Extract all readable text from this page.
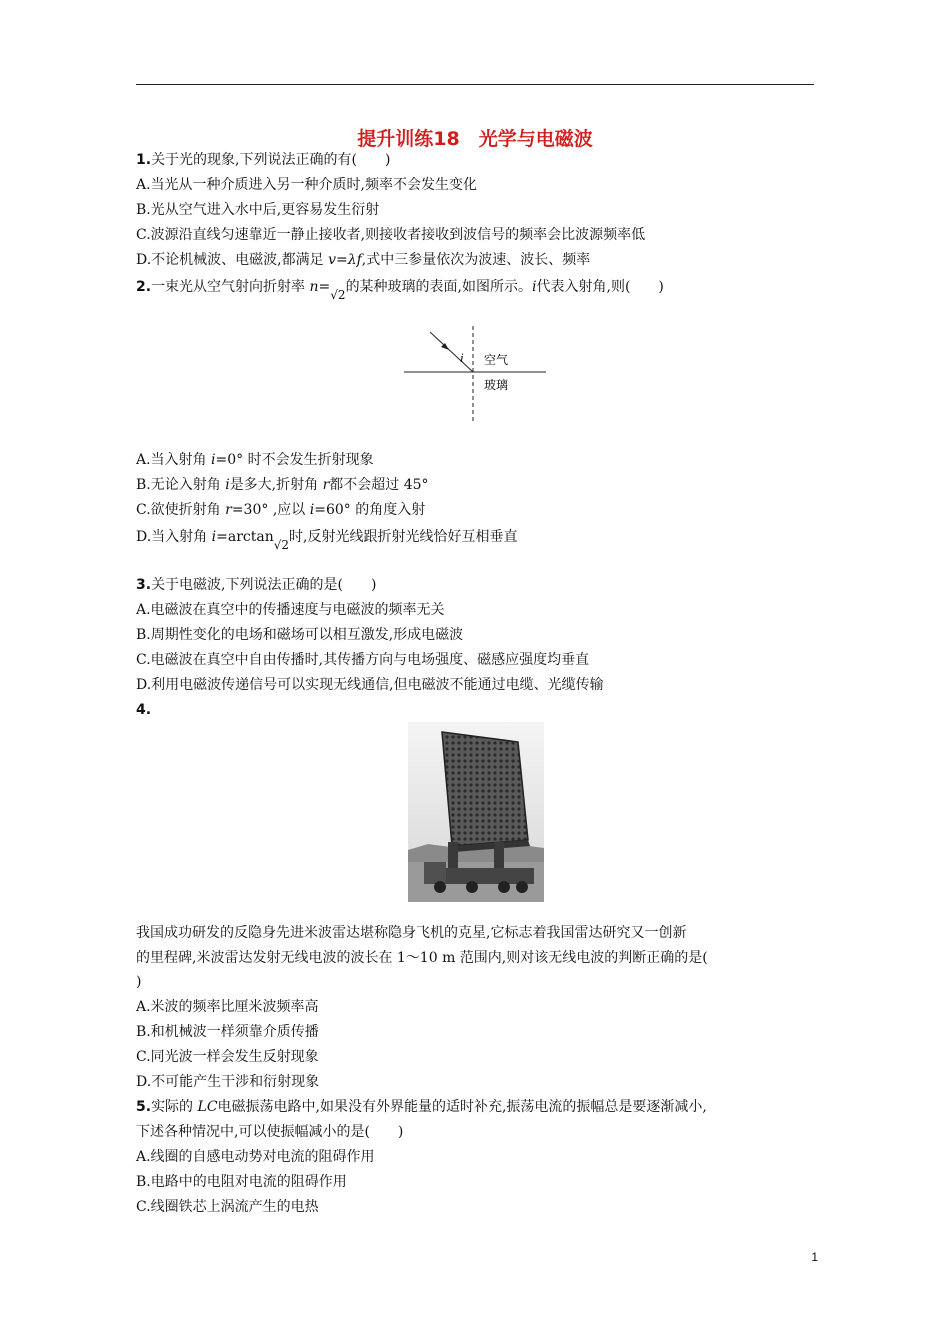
提升训练18　光学与电磁波
1.关于光的现象,下列说法正确的有(　　)
A.当光从一种介质进入另一种介质时,频率不会发生变化
B.光从空气进入水中后,更容易发生衍射
C.波源沿直线匀速靠近一静止接收者,则接收者接收到波信号的频率会比波源频率低
D.不论机械波、电磁波,都满足 v=λf,式中三参量依次为波速、波长、频率
2.一束光从空气射向折射率 n=√2的某种玻璃的表面,如图所示。i代表入射角,则(　　)
i 空气
玻璃
A.当入射角 i=0° 时不会发生折射现象
B.无论入射角 i是多大,折射角 r都不会超过 45°
C.欲使折射角 r=30° ,应以 i=60° 的角度入射
D.当入射角 i=arctan√2时,反射光线跟折射光线恰好互相垂直
3.关于电磁波,下列说法正确的是(　　)
A.电磁波在真空中的传播速度与电磁波的频率无关
B.周期性变化的电场和磁场可以相互激发,形成电磁波
C.电磁波在真空中自由传播时,其传播方向与电场强度、磁感应强度均垂直
D.利用电磁波传递信号可以实现无线通信,但电磁波不能通过电缆、光缆传输
4.
我国成功研发的反隐身先进米波雷达堪称隐身飞机的克星,它标志着我国雷达研究又一创新
的里程碑,米波雷达发射无线电波的波长在 1～10 m 范围内,则对该无线电波的判断正确的是(
)
A.米波的频率比厘米波频率高
B.和机械波一样须靠介质传播
C.同光波一样会发生反射现象
D.不可能产生干涉和衍射现象
5.实际的 LC电磁振荡电路中,如果没有外界能量的适时补充,振荡电流的振幅总是要逐渐减小,
下述各种情况中,可以使振幅减小的是(　　)
A.线圈的自感电动势对电流的阻碍作用
B.电路中的电阻对电流的阻碍作用
C.线圈铁芯上涡流产生的电热
1
